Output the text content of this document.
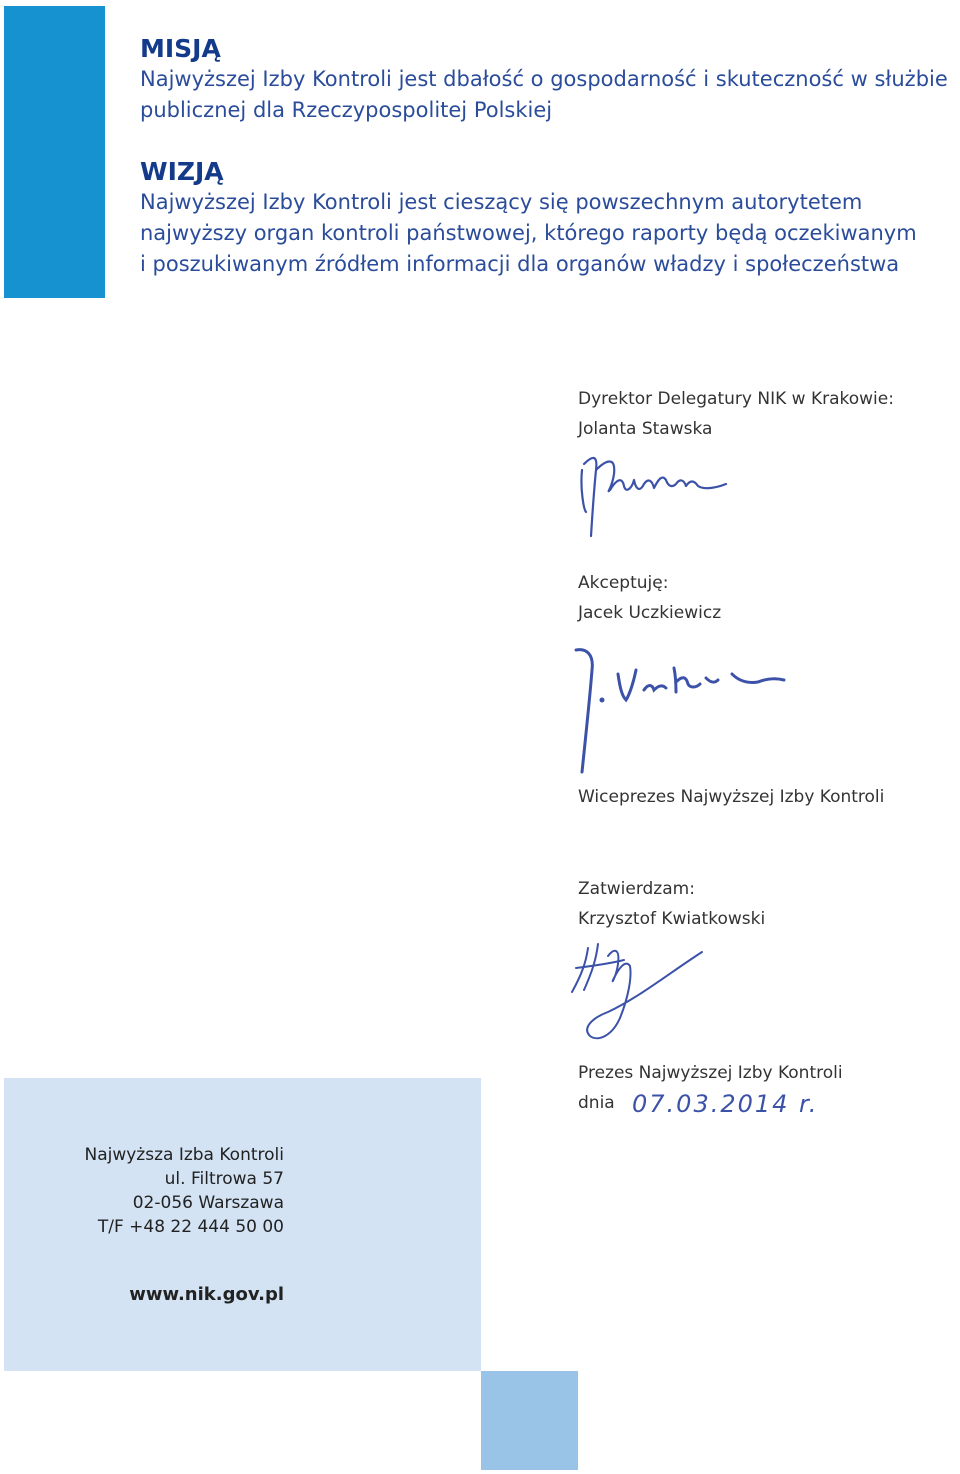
MISJĄ
Najwyższej Izby Kontroli jest dbałość o gospodarność i skuteczność w służbie
publicznej dla Rzeczypospolitej Polskiej
WIZJĄ
Najwyższej Izby Kontroli jest cieszący się powszechnym autorytetem
najwyższy organ kontroli państwowej, którego raporty będą oczekiwanym
i poszukiwanym źródłem informacji dla organów władzy i społeczeństwa
Dyrektor Delegatury NIK w Krakowie:
Jolanta Stawska
Akceptuję:
Jacek Uczkiewicz
Wiceprezes Najwyższej Izby Kontroli
Zatwierdzam:
Krzysztof Kwiatkowski
Prezes Najwyższej Izby Kontroli
dnia 07.03.2014 r.
Najwyższa Izba Kontroli
ul. Filtrowa 57
02-056 Warszawa
T/F +48 22 444 50 00
www.nik.gov.pl
